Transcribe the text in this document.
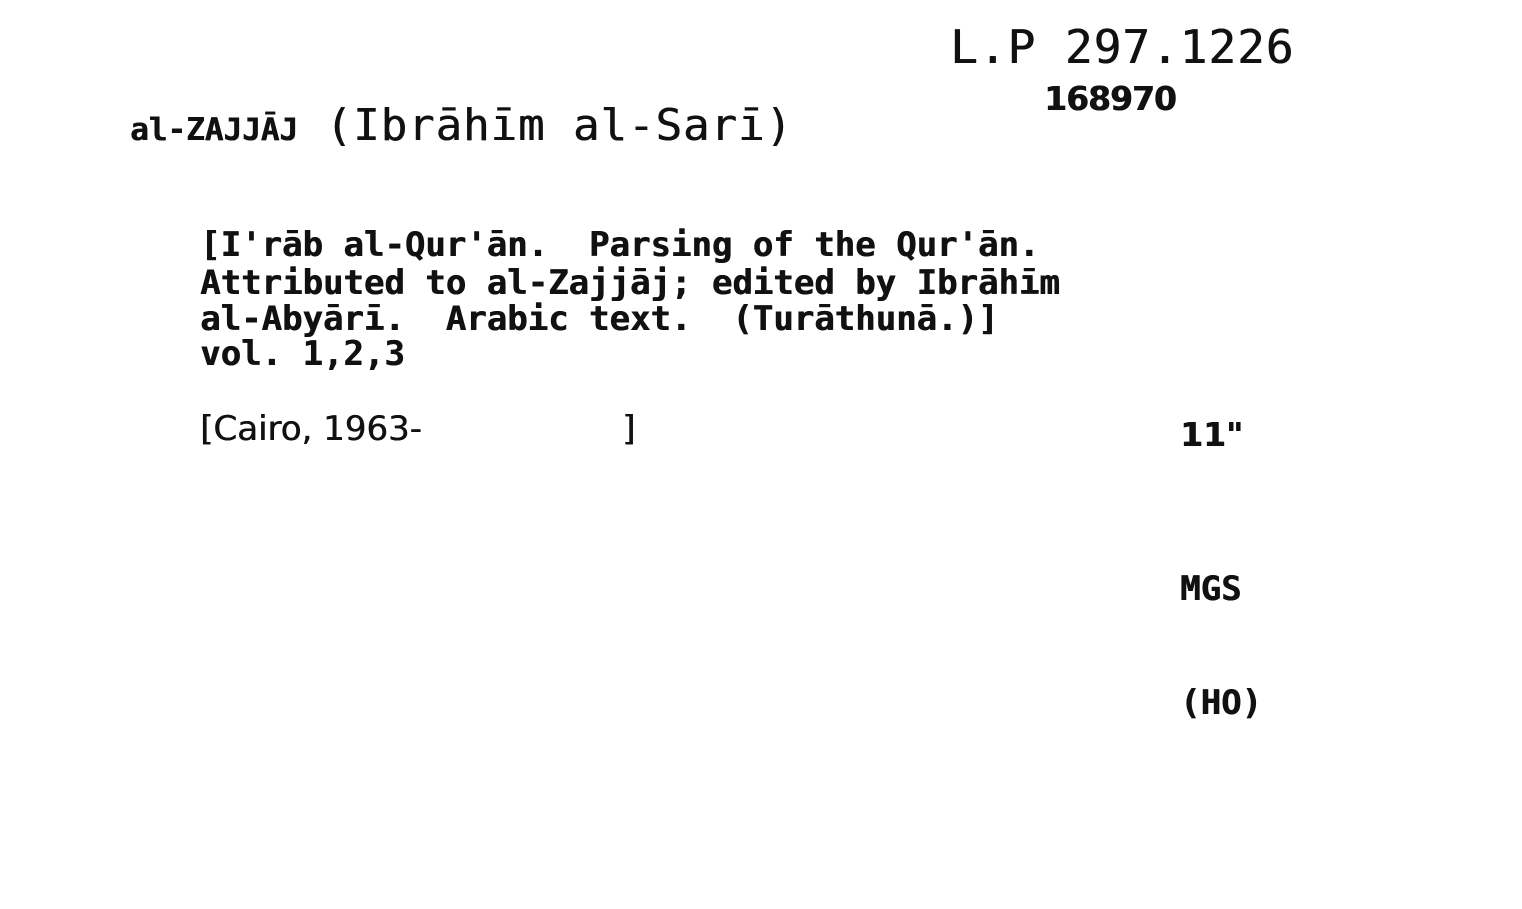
L.P 297.1226
168970
al-ZAJJĀJ (Ibrāhīm al-Sarī)
[I'rāb al-Qur'ān.  Parsing of the Qur'ān.
Attributed to al-Zajjāj; edited by Ibrāhīm
al-Abyārī.  Arabic text.  (Turāthunā.)]
vol. 1,2,3
[Cairo, 1963-	]	11"

MGS

(HO)
